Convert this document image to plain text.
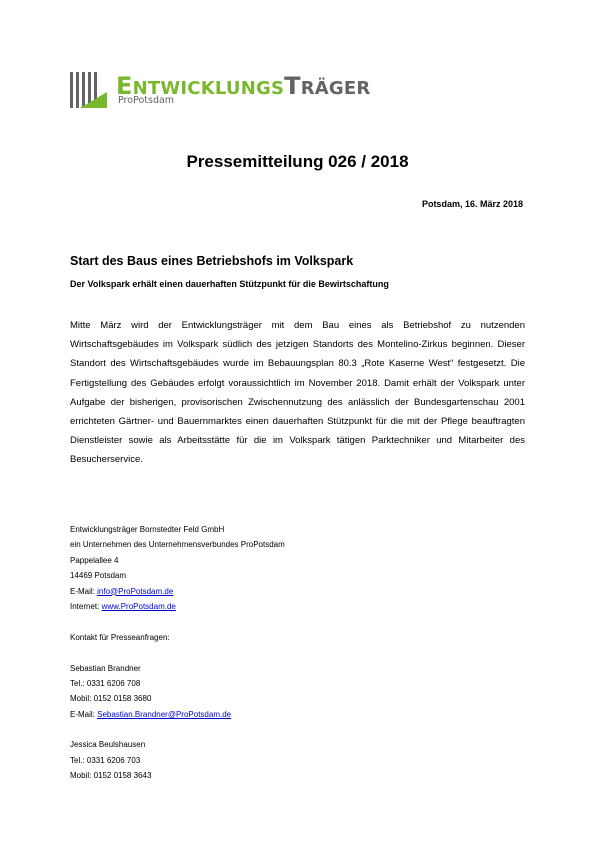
ENTWICKLUNGSTRÄGER
ProPotsdam
Pressemitteilung 026 / 2018
Potsdam, 16. März 2018
Start des Baus eines Betriebshofs im Volkspark
Der Volkspark erhält einen dauerhaften Stützpunkt für die Bewirtschaftung

Mitte März wird der Entwicklungsträger mit dem Bau eines als Betriebshof zu nutzenden Wirtschaftsgebäudes im Volkspark südlich des jetzigen Standorts des Montelino-Zirkus beginnen. Dieser Standort des Wirtschaftsgebäudes wurde im Bebauungsplan 80.3 „Rote Kaserne West“ festgesetzt. Die Fertigstellung des Gebäudes erfolgt voraussichtlich im November 2018. Damit erhält der Volkspark unter Aufgabe der bisherigen, provisorischen Zwischennutzung des anlässlich der Bundesgartenschau 2001 errichteten Gärtner- und Bauernmarktes einen dauerhaften Stützpunkt für die mit der Pflege beauftragten Dienstleister sowie als Arbeitsstätte für die im Volkspark tätigen Parktechniker und Mitarbeiter des Besucherservice.

Entwicklungsträger Bornstedter Feld GmbH
ein Unternehmen des Unternehmensverbundes ProPotsdam
Pappelallee 4
14469 Potsdam
E-Mail: info@ProPotsdam.de
Internet: www.ProPotsdam.de
Kontakt für Presseanfragen:
Sebastian Brandner
Tel.: 0331 6206 708
Mobil: 0152 0158 3680
E-Mail: Sebastian.Brandner@ProPotsdam.de
Jessica Beulshausen
Tel.: 0331 6206 703
Mobil: 0152 0158 3643
